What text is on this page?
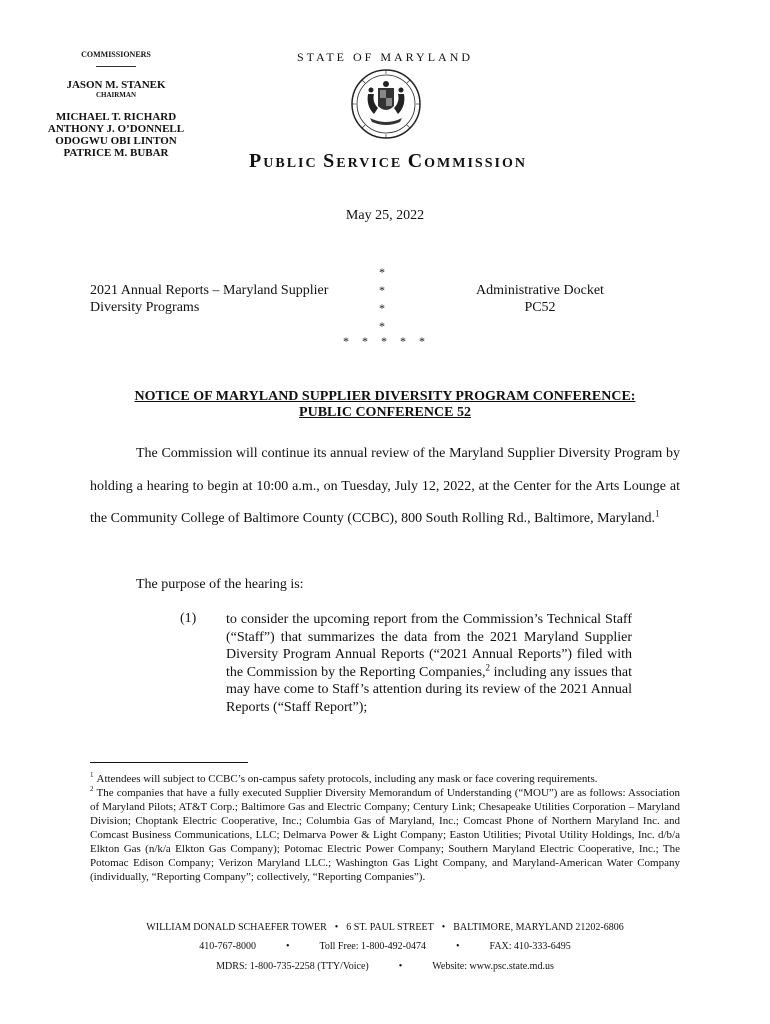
COMMISSIONERS
JASON M. STANEK
CHAIRMAN
MICHAEL T. RICHARD
ANTHONY J. O’DONNELL
ODOGWU OBI LINTON
PATRICE M. BUBAR
STATE OF MARYLAND
PUBLIC SERVICE COMMISSION
May 25, 2022
2021 Annual Reports – Maryland Supplier
Diversity Programs
*
*
*
*
Administrative Docket
PC52
* * * * *
NOTICE OF MARYLAND SUPPLIER DIVERSITY PROGRAM CONFERENCE:
PUBLIC CONFERENCE 52
The Commission will continue its annual review of the Maryland Supplier Diversity Program by holding a hearing to begin at 10:00 a.m., on Tuesday, July 12, 2022, at the Center for the Arts Lounge at the Community College of Baltimore County (CCBC), 800 South Rolling Rd., Baltimore, Maryland.$^1$
The purpose of the hearing is:
(1)	to consider the upcoming report from the Commission’s Technical Staff (“Staff”) that summarizes the data from the 2021 Maryland Supplier Diversity Program Annual Reports (“2021 Annual Reports”) filed with the Commission by the Reporting Companies,$^2$ including any issues that may have come to Staff’s attention during its review of the 2021 Annual Reports (“Staff Report”);
$^1$ Attendees will subject to CCBC’s on-campus safety protocols, including any mask or face covering requirements.
$^2$ The companies that have a fully executed Supplier Diversity Memorandum of Understanding (“MOU”) are as follows: Association of Maryland Pilots; AT&T Corp.; Baltimore Gas and Electric Company; Century Link; Chesapeake Utilities Corporation – Maryland Division; Choptank Electric Cooperative, Inc.; Columbia Gas of Maryland, Inc.; Comcast Phone of Northern Maryland Inc. and Comcast Business Communications, LLC; Delmarva Power & Light Company; Easton Utilities; Pivotal Utility Holdings, Inc. d/b/a Elkton Gas (n/k/a Elkton Gas Company); Potomac Electric Power Company; Southern Maryland Electric Cooperative, Inc.; The Potomac Edison Company; Verizon Maryland LLC.; Washington Gas Light Company, and Maryland-American Water Company (individually, “Reporting Company”; collectively, “Reporting Companies”).
WILLIAM DONALD SCHAEFER TOWER • 6 ST. PAUL STREET • BALTIMORE, MARYLAND 21202-6806
410-767-8000	•	Toll Free: 1-800-492-0474	•	FAX: 410-333-6495
MDRS: 1-800-735-2258 (TTY/Voice)	•	Website: www.psc.state.md.us
